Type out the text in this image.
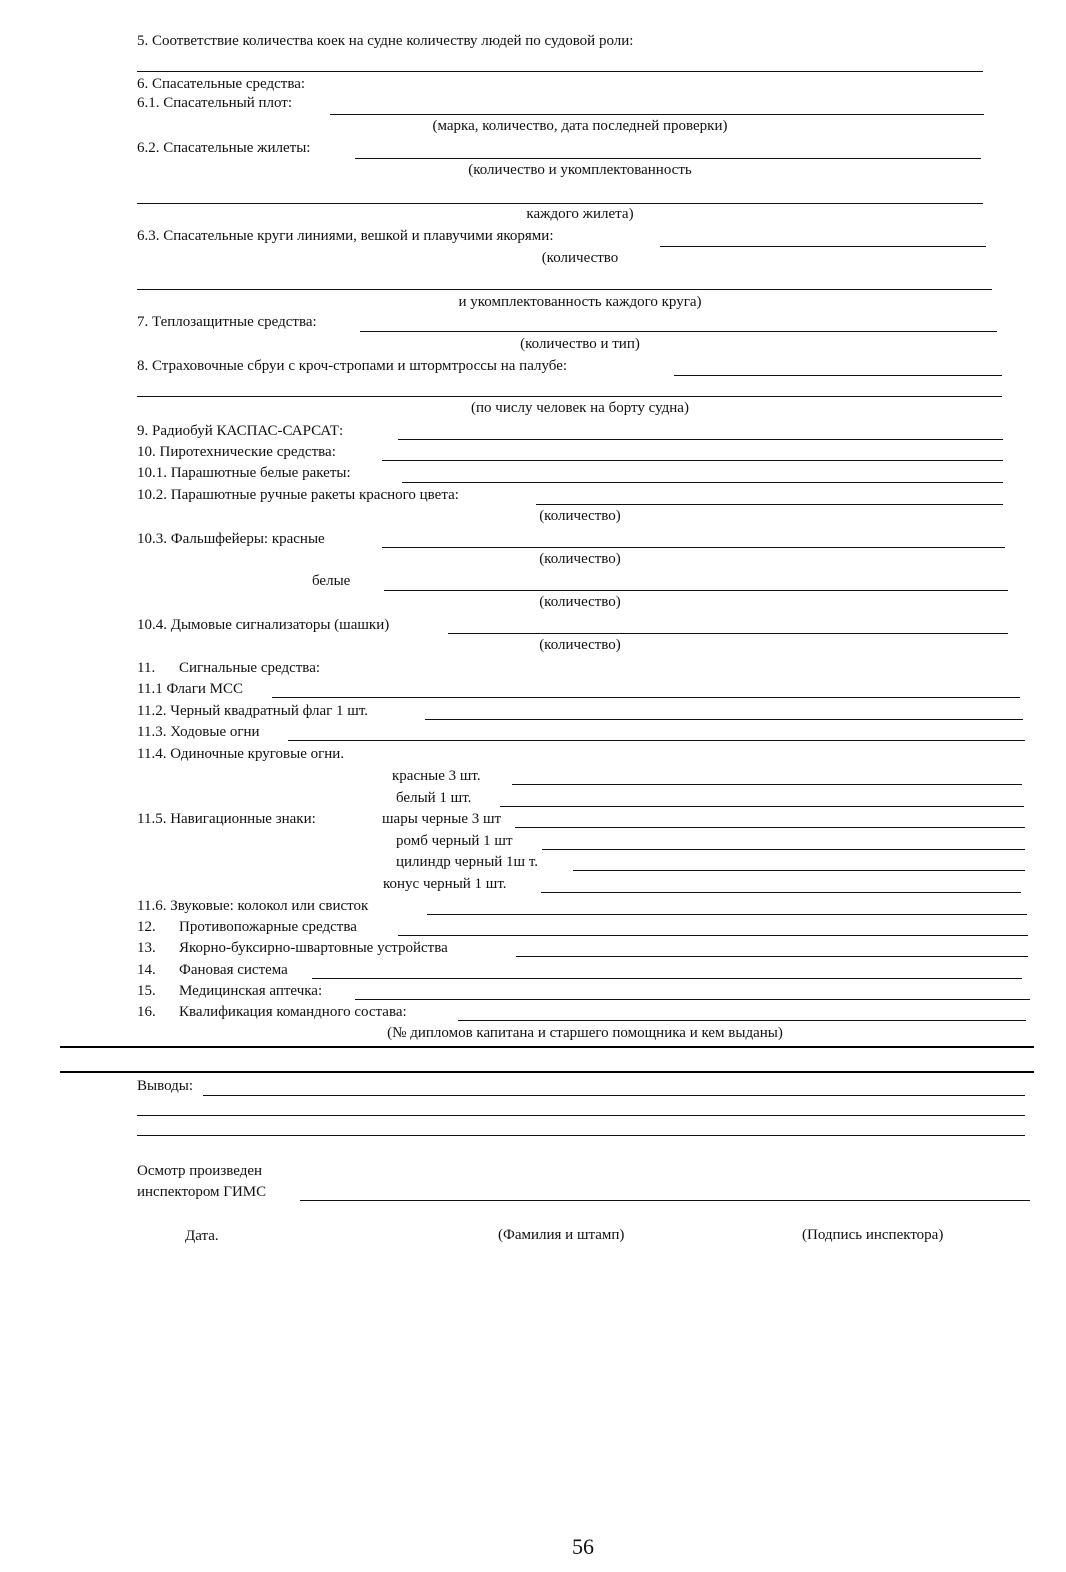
5. Соответствие количества коек на судне количеству людей по судовой роли:
6. Спасательные средства:
6.1. Спасательный плот:
(марка, количество, дата последней проверки)
6.2. Спасательные жилеты:
(количество и укомплектованность
каждого жилета)
6.3. Спасательные круги линиями, вешкой и плавучими якорями:
(количество
и укомплектованность каждого круга)
7. Теплозащитные средства:
(количество и тип)
8. Страховочные сбруи с кроч-стропами и штормтроссы на палубе:
(по числу человек на борту судна)
9. Радиобуй КАСПАС-САРСАТ:
10. Пиротехнические средства:
10.1. Парашютные белые ракеты:
10.2. Парашютные ручные ракеты красного цвета:
(количество)
10.3. Фальшфейеры: красные
(количество)
белые
(количество)
10.4. Дымовые сигнализаторы (шашки)
(количество)
11. Сигнальные средства:
11.1 Флаги МСС
11.2. Черный квадратный флаг 1 шт.
11.3. Ходовые огни
11.4. Одиночные круговые огни.
красные 3 шт.
белый 1 шт.
11.5. Навигационные знаки:	шары черные 3 шт
ромб черный 1 шт
цилиндр черный 1ш т.
конус черный 1 шт.
11.6. Звуковые: колокол или свисток
12. Противопожарные средства
13. Якорно-буксирно-швартовные устройства
14. Фановая система
15. Медицинская аптечка:
16. Квалификация командного состава:
(№ дипломов капитана и старшего помощника и кем выданы)
Выводы:
Осмотр произведен
инспектором ГИМС
Дата.	(Фамилия и штамп)	(Подпись инспектора)
56
